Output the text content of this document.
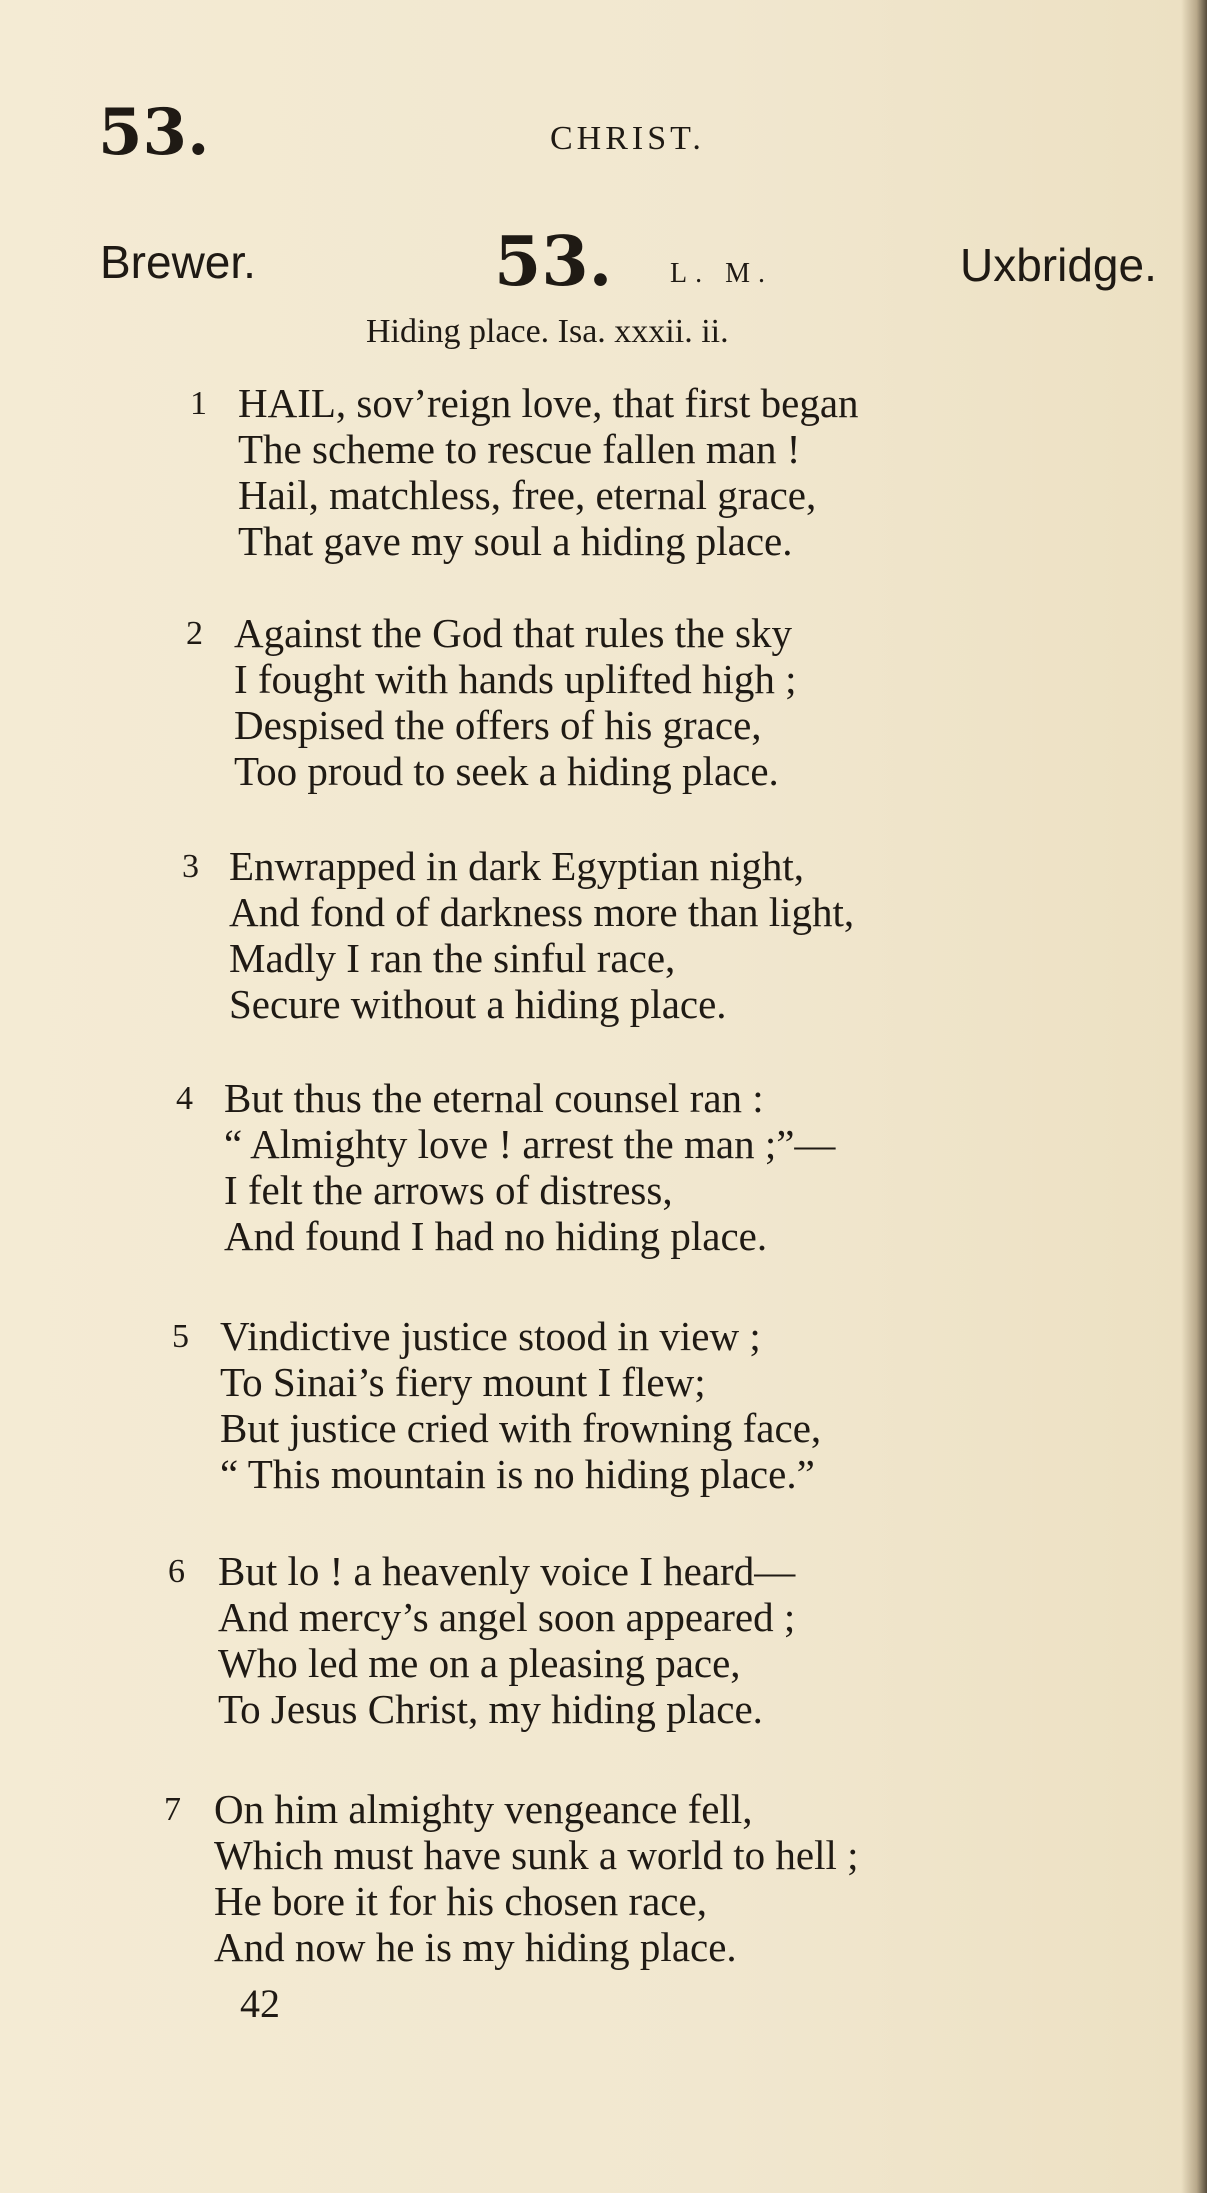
53.	CHRIST.
Brewer.	53. L. M.	Uxbridge.
Hiding place. Isa. xxxii. ii.
1 HAIL, sov’reign love, that first began
The scheme to rescue fallen man !
Hail, matchless, free, eternal grace,
That gave my soul a hiding place.
2 Against the God that rules the sky
I fought with hands uplifted high ;
Despised the offers of his grace,
Too proud to seek a hiding place.
3 Enwrapped in dark Egyptian night,
And fond of darkness more than light,
Madly I ran the sinful race,
Secure without a hiding place.
4 But thus the eternal counsel ran :
“ Almighty love ! arrest the man ;”—
I felt the arrows of distress,
And found I had no hiding place.
5 Vindictive justice stood in view ;
To Sinai’s fiery mount I flew;
But justice cried with frowning face,
“ This mountain is no hiding place.”
6 But lo ! a heavenly voice I heard—
And mercy’s angel soon appeared ;
Who led me on a pleasing pace,
To Jesus Christ, my hiding place.
7 On him almighty vengeance fell,
Which must have sunk a world to hell ;
He bore it for his chosen race,
And now he is my hiding place.
42
